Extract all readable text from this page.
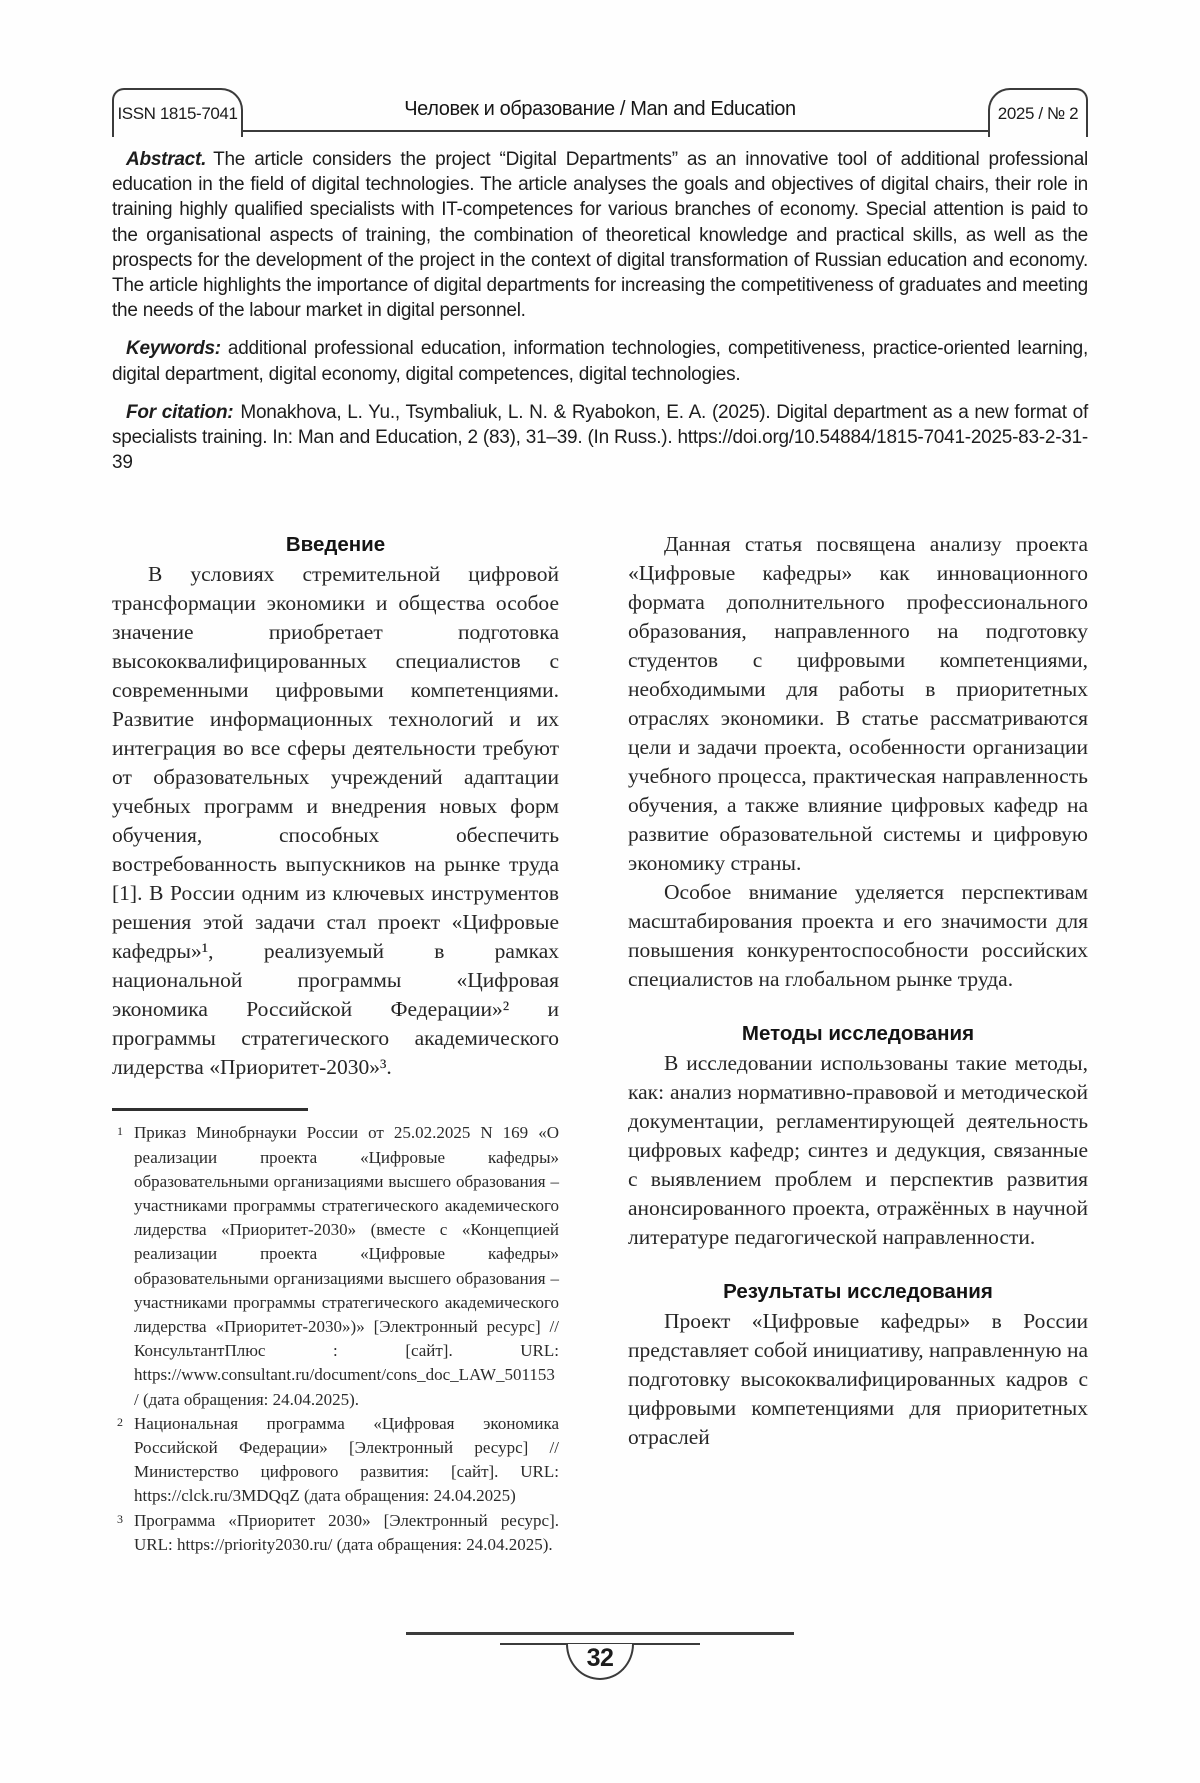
ISSN 1815-7041	Человек и образование / Man and Education	2025 / № 2

Abstract. The article considers the project “Digital Departments” as an innovative tool of additional professional education in the field of digital technologies. The article analyses the goals and objectives of digital chairs, their role in training highly qualified specialists with IT-competences for various branches of economy. Special attention is paid to the organisational aspects of training, the combination of theoretical knowledge and practical skills, as well as the prospects for the development of the project in the context of digital transformation of Russian education and economy. The article highlights the importance of digital departments for increasing the competitiveness of graduates and meeting the needs of the labour market in digital personnel.

Keywords: additional professional education, information technologies, competitiveness, practice-oriented learning, digital department, digital economy, digital competences, digital technologies.

For citation: Monakhova, L. Yu., Tsymbaliuk, L. N. & Ryabokon, E. A. (2025). Digital department as a new format of specialists training. In: Man and Education, 2 (83), 31–39. (In Russ.). https://doi.org/10.54884/1815-7041-2025-83-2-31-39

Введение

В условиях стремительной цифровой трансформации экономики и общества особое значение приобретает подготовка высококвалифицированных специалистов с современными цифровыми компетенциями. Развитие информационных технологий и их интеграция во все сферы деятельности требуют от образовательных учреждений адаптации учебных программ и внедрения новых форм обучения, способных обеспечить востребованность выпускников на рынке труда [1]. В России одним из ключевых инструментов решения этой задачи стал проект «Цифровые кафедры»¹, реализуемый в рамках национальной программы «Цифровая экономика Российской Федерации»² и программы стратегического академического лидерства «Приоритет-2030»³.

1 Приказ Минобрнауки России от 25.02.2025 N 169 «О реализации проекта «Цифровые кафедры» образовательными организациями высшего образования – участниками программы стратегического академического лидерства «Приоритет-2030» (вместе с «Концепцией реализации проекта «Цифровые кафедры» образовательными организациями высшего образования – участниками программы стратегического академического лидерства «Приоритет-2030»)» [Электронный ресурс] // КонсультантПлюс : [сайт]. URL: https://www.consultant.ru/document/cons_doc_LAW_501153/ (дата обращения: 24.04.2025).
2 Национальная программа «Цифровая экономика Российской Федерации» [Электронный ресурс] // Министерство цифрового развития: [сайт]. URL: https://clck.ru/3MDQqZ (дата обращения: 24.04.2025)
3 Программа «Приоритет 2030» [Электронный ресурс]. URL: https://priority2030.ru/ (дата обращения: 24.04.2025).

Данная статья посвящена анализу проекта «Цифровые кафедры» как инновационного формата дополнительного профессионального образования, направленного на подготовку студентов с цифровыми компетенциями, необходимыми для работы в приоритетных отраслях экономики. В статье рассматриваются цели и задачи проекта, особенности организации учебного процесса, практическая направленность обучения, а также влияние цифровых кафедр на развитие образовательной системы и цифровую экономику страны.

Особое внимание уделяется перспективам масштабирования проекта и его значимости для повышения конкурентоспособности российских специалистов на глобальном рынке труда.

Методы исследования

В исследовании использованы такие методы, как: анализ нормативно-правовой и методической документации, регламентирующей деятельность цифровых кафедр; синтез и дедукция, связанные с выявлением проблем и перспектив развития анонсированного проекта, отражённых в научной литературе педагогической направленности.

Результаты исследования

Проект «Цифровые кафедры» в России представляет собой инициативу, направленную на подготовку высококвалифицированных кадров с цифровыми компетенциями для приоритетных отраслей

32
